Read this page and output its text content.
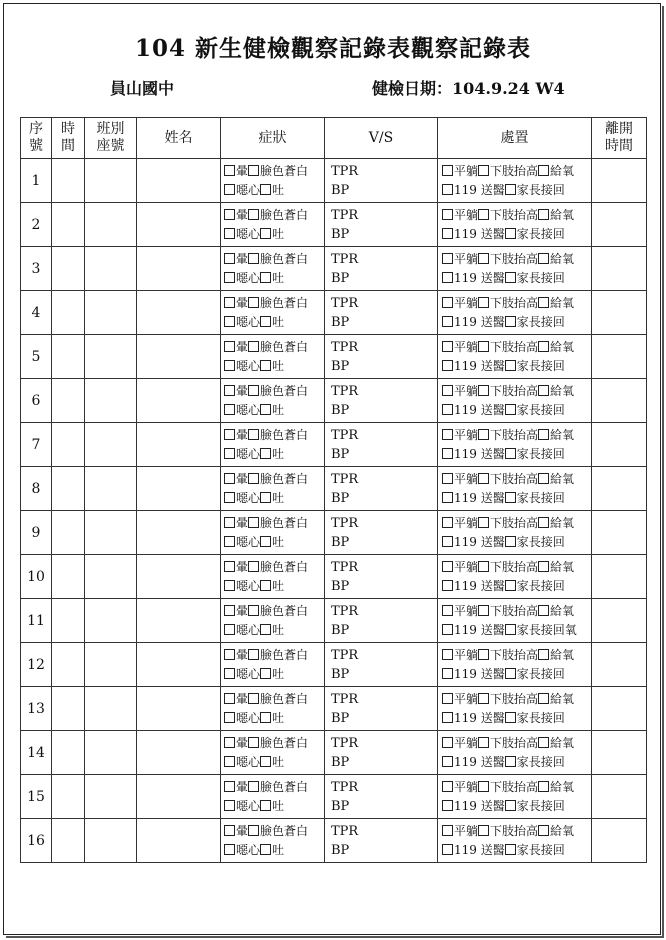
104 新生健檢觀察記錄表觀察記錄表
員山國中	健檢日期：104.9.24 W4
序
號	時
間	班別
座號	姓名	症狀	V/S	處置	離開
時間

1				暈 臉色蒼白
噁心 吐	TPR
BP	平躺 下肢抬高 給氧
119 送醫 家長接回	

2				暈 臉色蒼白
噁心 吐	TPR
BP	平躺 下肢抬高 給氧
119 送醫 家長接回	

3				暈 臉色蒼白
噁心 吐	TPR
BP	平躺 下肢抬高 給氧
119 送醫 家長接回	

4				暈 臉色蒼白
噁心 吐	TPR
BP	平躺 下肢抬高 給氧
119 送醫 家長接回	

5				暈 臉色蒼白
噁心 吐	TPR
BP	平躺 下肢抬高 給氧
119 送醫 家長接回	

6				暈 臉色蒼白
噁心 吐	TPR
BP	平躺 下肢抬高 給氧
119 送醫 家長接回	

7				暈 臉色蒼白
噁心 吐	TPR
BP	平躺 下肢抬高 給氧
119 送醫 家長接回	

8				暈 臉色蒼白
噁心 吐	TPR
BP	平躺 下肢抬高 給氧
119 送醫 家長接回	

9				暈 臉色蒼白
噁心 吐	TPR
BP	平躺 下肢抬高 給氧
119 送醫 家長接回	

10				暈 臉色蒼白
噁心 吐	TPR
BP	平躺 下肢抬高 給氧
119 送醫 家長接回	

11				暈 臉色蒼白
噁心 吐	TPR
BP	平躺 下肢抬高 給氧
119 送醫 家長接回氧	

12				暈 臉色蒼白
噁心 吐	TPR
BP	平躺 下肢抬高 給氧
119 送醫 家長接回	

13				暈 臉色蒼白
噁心 吐	TPR
BP	平躺 下肢抬高 給氧
119 送醫 家長接回	

14				暈 臉色蒼白
噁心 吐	TPR
BP	平躺 下肢抬高 給氧
119 送醫 家長接回	

15				暈 臉色蒼白
噁心 吐	TPR
BP	平躺 下肢抬高 給氧
119 送醫 家長接回	

16				暈 臉色蒼白
噁心 吐	TPR
BP	平躺 下肢抬高 給氧
119 送醫 家長接回	
